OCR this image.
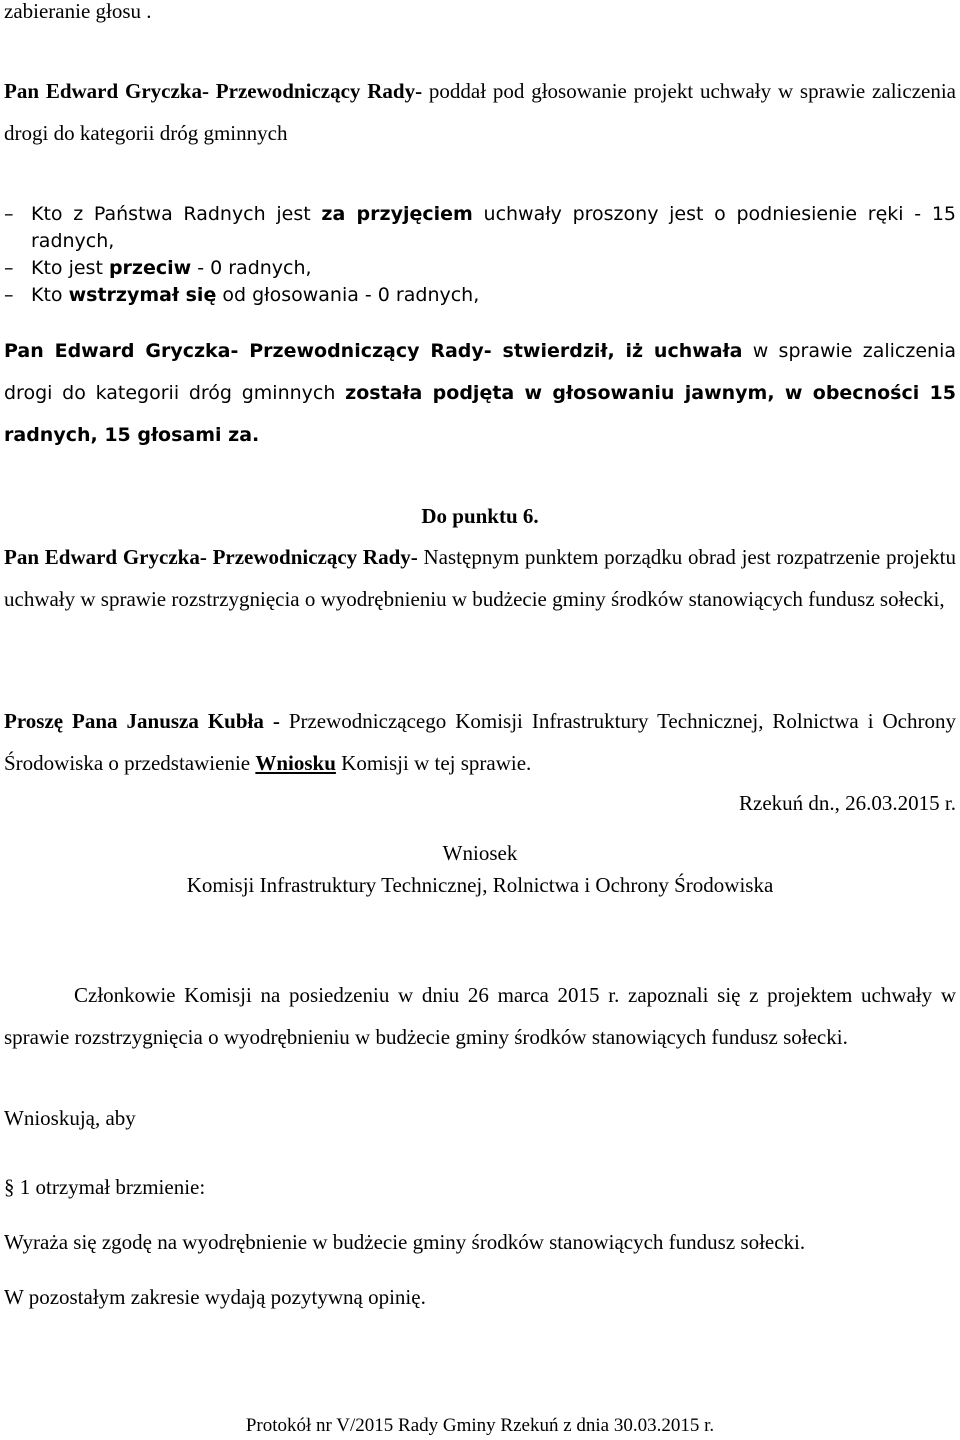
zabieranie głosu .

Pan Edward Gryczka- Przewodniczący Rady- poddał pod głosowanie projekt uchwały w sprawie zaliczenia drogi do kategorii dróg gminnych

– Kto z Państwa Radnych jest za przyjęciem uchwały proszony jest o podniesienie ręki - 15 radnych,
– Kto jest przeciw - 0 radnych,
– Kto wstrzymał się od głosowania - 0 radnych,

Pan Edward Gryczka- Przewodniczący Rady- stwierdził, iż uchwała w sprawie zaliczenia drogi do kategorii dróg gminnych została podjęta w głosowaniu jawnym, w obecności 15 radnych, 15 głosami za.

Do punktu 6.

Pan Edward Gryczka- Przewodniczący Rady- Następnym punktem porządku obrad jest rozpatrzenie projektu uchwały w sprawie rozstrzygnięcia o wyodrębnieniu w budżecie gminy środków stanowiących fundusz sołecki,

Proszę Pana Janusza Kubła - Przewodniczącego Komisji Infrastruktury Technicznej, Rolnictwa i Ochrony Środowiska o przedstawienie Wniosku Komisji w tej sprawie.

Rzekuń dn., 26.03.2015 r.
Wniosek
Komisji Infrastruktury Technicznej, Rolnictwa i Ochrony Środowiska

Członkowie Komisji na posiedzeniu w dniu 26 marca 2015 r. zapoznali się z projektem uchwały w sprawie rozstrzygnięcia o wyodrębnieniu w budżecie gminy środków stanowiących fundusz sołecki.

Wnioskują, aby
§ 1 otrzymał brzmienie:
Wyraża się zgodę na wyodrębnienie w budżecie gminy środków stanowiących fundusz sołecki.
W pozostałym zakresie wydają pozytywną opinię.
Protokół nr V/2015 Rady Gminy Rzekuń z dnia 30.03.2015 r.
